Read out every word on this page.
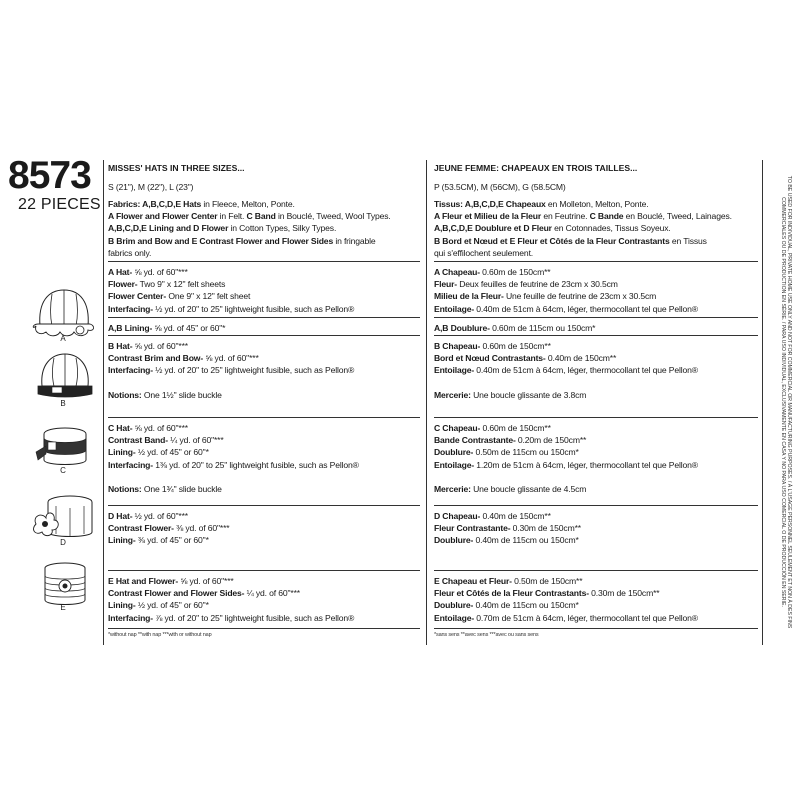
8573
22 PIECES
A
B
C
D
E
MISSES' HATS IN THREE SIZES...
S (21"), M (22"), L (23")
Fabrics: A,B,C,D,E Hats in Fleece, Melton, Ponte.
A Flower and Flower Center in Felt. C Band in Bouclé, Tweed, Wool Types.
A,B,C,D,E Lining and D Flower in Cotton Types, Silky Types.
B Brim and Bow and E Contrast Flower and Flower Sides in fringable
fabrics only.
A Hat- ⅝ yd. of 60"***
Flower- Two 9" x 12" felt sheets
Flower Center- One 9" x 12" felt sheet
Interfacing- ½ yd. of 20" to 25" lightweight fusible, such as Pellon®
A,B Lining- ⅝ yd. of 45" or 60"*
B Hat- ⅝ yd. of 60"***
Contrast Brim and Bow- ⅝ yd. of 60"***
Interfacing- ½ yd. of 20" to 25" lightweight fusible, such as Pellon®

Notions: One 1½" slide buckle
C Hat- ⅝ yd. of 60"***
Contrast Band- ¼ yd. of 60"***
Lining- ½ yd. of 45" or 60"*
Interfacing- 1⅜ yd. of 20" to 25" lightweight fusible, such as Pellon®

Notions: One 1¾" slide buckle
D Hat- ½ yd. of 60"***
Contrast Flower- ⅜ yd. of 60"***
Lining- ⅜ yd. of 45" or 60"*
E Hat and Flower- ⅝ yd. of 60"***
Contrast Flower and Flower Sides- ¼ yd. of 60"***
Lining- ½ yd. of 45" or 60"*
Interfacing- ⅞ yd. of 20" to 25" lightweight fusible, such as Pellon®
*without nap **with nap ***with or without nap
JEUNE FEMME: CHAPEAUX EN TROIS TAILLES...
P (53.5CM), M (56CM), G (58.5CM)
Tissus: A,B,C,D,E Chapeaux en Molleton, Melton, Ponte.
A Fleur et Milieu de la Fleur en Feutrine. C Bande en Bouclé, Tweed, Lainages.
A,B,C,D,E Doublure et D Fleur en Cotonnades, Tissus Soyeux.
B Bord et Nœud et E Fleur et Côtés de la Fleur Contrastants en Tissus
qui s'effilochent seulement.
A Chapeau- 0.60m de 150cm**
Fleur- Deux feuilles de feutrine de 23cm x 30.5cm
Milieu de la Fleur- Une feuille de feutrine de 23cm x 30.5cm
Entoilage- 0.40m de 51cm à 64cm, léger, thermocollant tel que Pellon®
A,B Doublure- 0.60m de 115cm ou 150cm*
B Chapeau- 0.60m de 150cm**
Bord et Nœud Contrastants- 0.40m de 150cm**
Entoilage- 0.40m de 51cm à 64cm, léger, thermocollant tel que Pellon®

Mercerie: Une boucle glissante de 3.8cm
C Chapeau- 0.60m de 150cm**
Bande Contrastante- 0.20m de 150cm**
Doublure- 0.50m de 115cm ou 150cm*
Entoilage- 1.20m de 51cm à 64cm, léger, thermocollant tel que Pellon®

Mercerie: Une boucle glissante de 4.5cm
D Chapeau- 0.40m de 150cm**
Fleur Contrastante- 0.30m de 150cm**
Doublure- 0.40m de 115cm ou 150cm*
E Chapeau et Fleur- 0.50m de 150cm**
Fleur et Côtés de la Fleur Contrastants- 0.30m de 150cm**
Doublure- 0.40m de 115cm ou 150cm*
Entoilage- 0.70m de 51cm à 64cm, léger, thermocollant tel que Pellon®
*sans sens **avec sens ***avec ou sans sens
TO BE USED FOR INDIVIDUAL, PRIVATE HOME USE ONLY AND NOT FOR COMMERCIAL OR MANUFACTURING PURPOSES. / À L'USAGE PERSONNEL SEULEMENT ET NON À DES FINS
COMMERCIALES OU DE PRODUCTION EN SÉRIE. / PARA USO INDIVIDUAL, EXCLUSIVAMENTE EN CASA Y NO PARA USO COMERCIAL O DE PRODUCCIÓN EN SERIE.
